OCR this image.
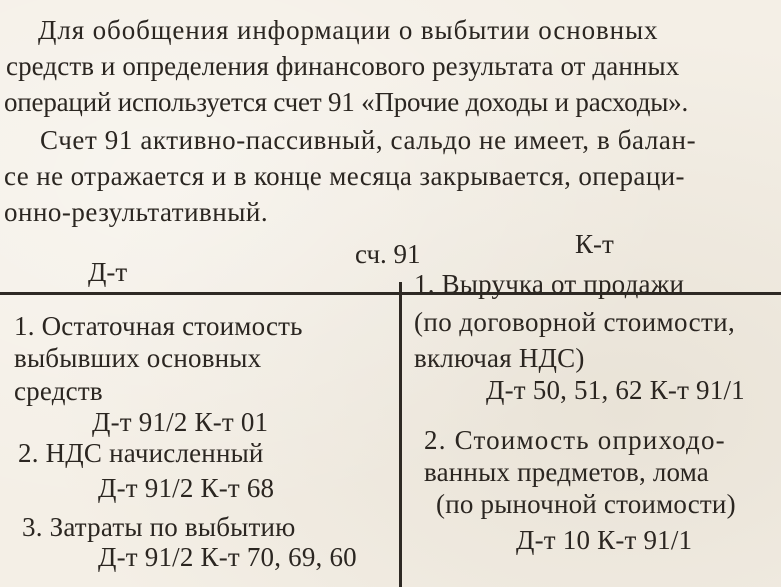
Для обобщения информации о выбытии основных
средств и определения финансового результата от данных
операций используется счет 91 «Прочие доходы и расходы».
Счет 91 активно-пассивный, сальдо не имеет, в балан-
се не отражается и в конце месяца закрывается, операци-
онно-результативный.
Д-т
сч. 91	К-т
1. Остаточная стоимость
выбывших основных
средств
Д-т 91/2 К-т 01
2. НДС начисленный
Д-т 91/2 К-т 68
3. Затраты по выбытию
Д-т 91/2 К-т 70, 69, 60
1. Выручка от продажи
(по договорной стоимости,
включая НДС)
Д-т 50, 51, 62 К-т 91/1
2. Стоимость оприходо-
ванных предметов, лома
(по рыночной стоимости)
Д-т 10 К-т 91/1
